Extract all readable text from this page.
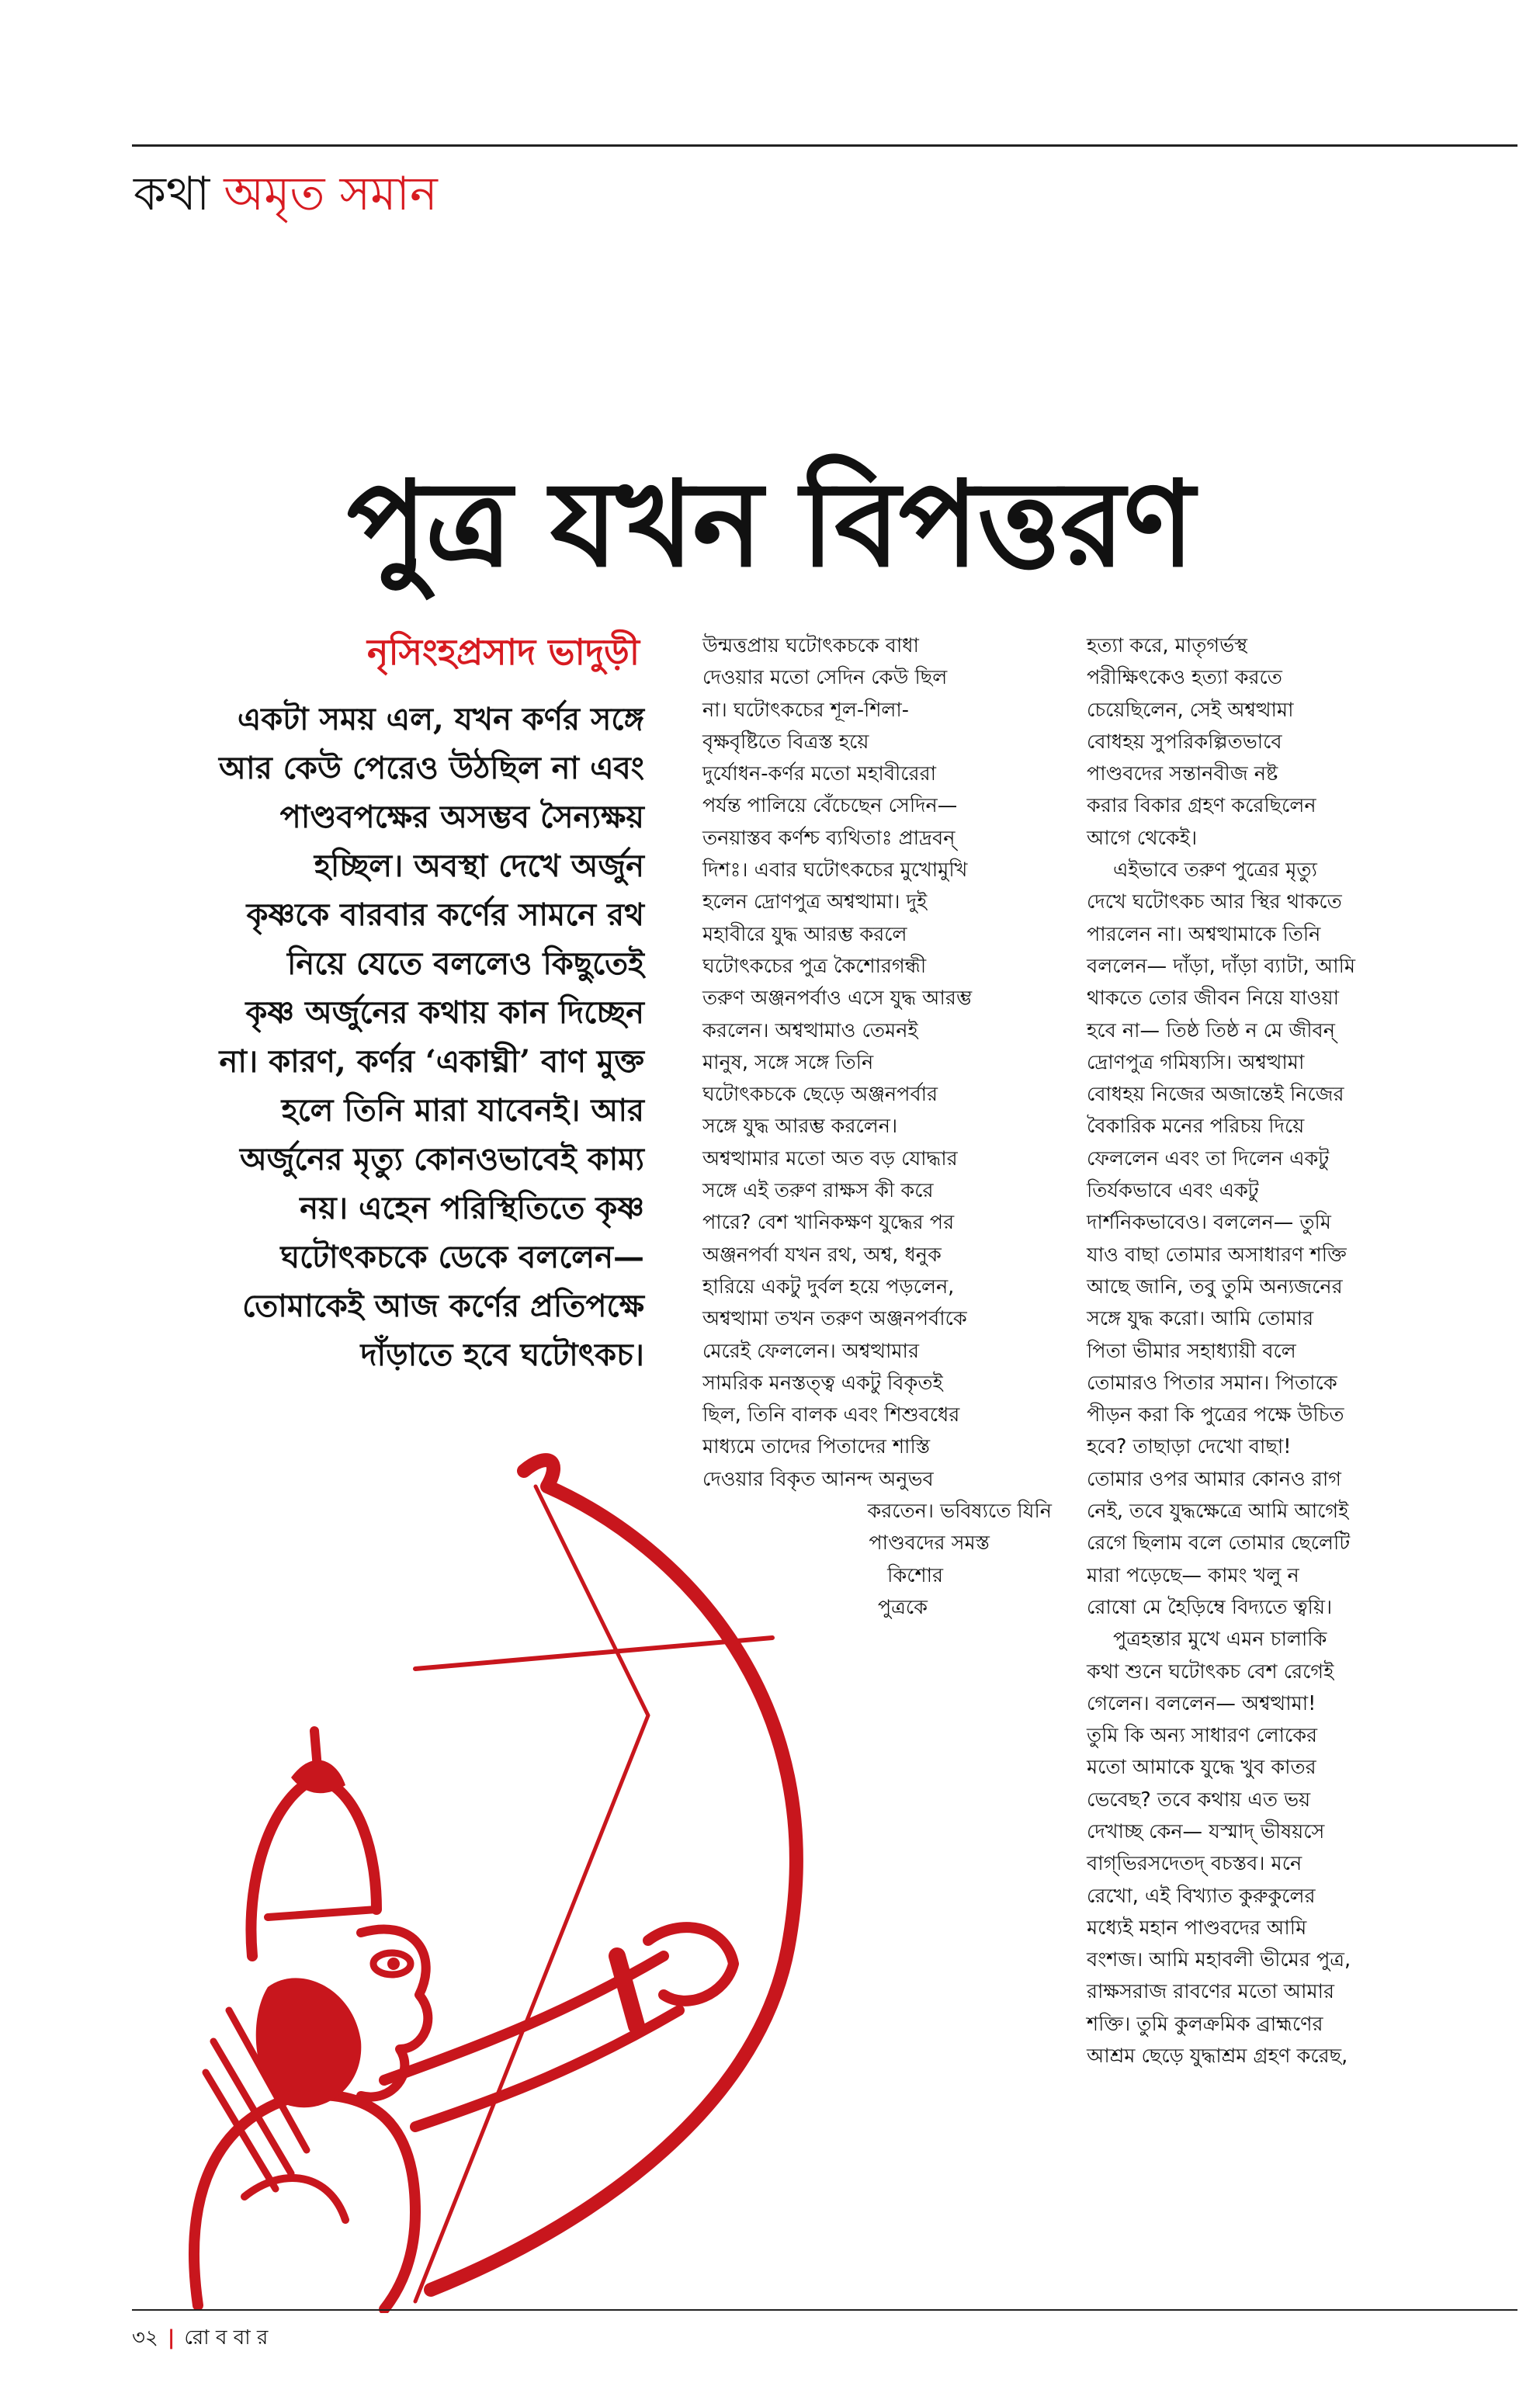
কথা অমৃত সমান
পুত্র যখন বিপত্তরণ
নৃসিংহপ্রসাদ ভাদুড়ী
একটা সময় এল, যখন কর্ণর সঙ্গে
আর কেউ পেরেও উঠছিল না এবং
পাণ্ডবপক্ষের অসম্ভব সৈন্যক্ষয়
হচ্ছিল। অবস্থা দেখে অর্জুন
কৃষ্ণকে বারবার কর্ণের সামনে রথ
নিয়ে যেতে বললেও কিছুতেই
কৃষ্ণ অর্জুনের কথায় কান দিচ্ছেন
না। কারণ, কর্ণর ‘একাঘ্নী’ বাণ মুক্ত
হলে তিনি মারা যাবেনই। আর
অর্জুনের মৃত্যু কোনওভাবেই কাম্য
নয়। এহেন পরিস্থিতিতে কৃষ্ণ
ঘটোৎকচকে ডেকে বললেন—
তোমাকেই আজ কর্ণের প্রতিপক্ষে
দাঁড়াতে হবে ঘটোৎকচ।
উন্মত্তপ্রায় ঘটোৎকচকে বাধা
দেওয়ার মতো সেদিন কেউ ছিল
না। ঘটোৎকচের শূল-শিলা-
বৃক্ষবৃষ্টিতে বিত্রস্ত হয়ে
দুর্যোধন-কর্ণর মতো মহাবীরেরা
পর্যন্ত পালিয়ে বেঁচেছেন সেদিন—
তনয়াস্তব কর্ণশ্চ ব্যথিতাঃ প্রাদ্রবন্‌
দিশঃ। এবার ঘটোৎকচের মুখোমুখি
হলেন দ্রোণপুত্র অশ্বত্থামা। দুই
মহাবীরে যুদ্ধ আরম্ভ করলে
ঘটোৎকচের পুত্র কৈশোরগন্ধী
তরুণ অঞ্জনপর্বাও এসে যুদ্ধ আরম্ভ
করলেন। অশ্বত্থামাও তেমনই
মানুষ, সঙ্গে সঙ্গে তিনি
ঘটোৎকচকে ছেড়ে অঞ্জনপর্বার
সঙ্গে যুদ্ধ আরম্ভ করলেন।
অশ্বত্থামার মতো অত বড় যোদ্ধার
সঙ্গে এই তরুণ রাক্ষস কী করে
পারে? বেশ খানিকক্ষণ যুদ্ধের পর
অঞ্জনপর্বা যখন রথ, অশ্ব, ধনুক
হারিয়ে একটু দুর্বল হয়ে পড়লেন,
অশ্বত্থামা তখন তরুণ অঞ্জনপর্বাকে
মেরেই ফেললেন। অশ্বত্থামার
সামরিক মনস্তত্ত্ব একটু বিকৃতই
ছিল, তিনি বালক এবং শিশুবধের
মাধ্যমে তাদের পিতাদের শাস্তি
দেওয়ার বিকৃত আনন্দ অনুভব
করতেন। ভবিষ্যতে যিনি
পাণ্ডবদের সমস্ত
কিশোর
পুত্রকে
হত্যা করে, মাতৃগর্ভস্থ
পরীক্ষিৎকেও হত্যা করতে
চেয়েছিলেন, সেই অশ্বত্থামা
বোধহয় সুপরিকল্পিতভাবে
পাণ্ডবদের সন্তানবীজ নষ্ট
করার বিকার গ্রহণ করেছিলেন
আগে থেকেই।
এইভাবে তরুণ পুত্রের মৃত্যু
দেখে ঘটোৎকচ আর স্থির থাকতে
পারলেন না। অশ্বত্থামাকে তিনি
বললেন— দাঁড়া, দাঁড়া ব্যাটা, আমি
থাকতে তোর জীবন নিয়ে যাওয়া
হবে না— তিষ্ঠ তিষ্ঠ ন মে জীবন্‌
দ্রোণপুত্র গমিষ্যসি। অশ্বত্থামা
বোধহয় নিজের অজান্তেই নিজের
বৈকারিক মনের পরিচয় দিয়ে
ফেললেন এবং তা দিলেন একটু
তির্যকভাবে এবং একটু
দার্শনিকভাবেও। বললেন— তুমি
যাও বাছা তোমার অসাধারণ শক্তি
আছে জানি, তবু তুমি অন্যজনের
সঙ্গে যুদ্ধ করো। আমি তোমার
পিতা ভীমার সহাধ্যায়ী বলে
তোমারও পিতার সমান। পিতাকে
পীড়ন করা কি পুত্রের পক্ষে উচিত
হবে? তাছাড়া দেখো বাছা!
তোমার ওপর আমার কোনও রাগ
নেই, তবে যুদ্ধক্ষেত্রে আমি আগেই
রেগে ছিলাম বলে তোমার ছেলেটি
মারা পড়েছে— কামং খলু ন
রোষো মে হৈড়িম্বে বিদ্যতে ত্বয়ি।
পুত্রহন্তার মুখে এমন চালাকি
কথা শুনে ঘটোৎকচ বেশ রেগেই
গেলেন। বললেন— অশ্বত্থামা!
তুমি কি অন্য সাধারণ লোকের
মতো আমাকে যুদ্ধে খুব কাতর
ভেবেছ? তবে কথায় এত ভয়
দেখাচ্ছ কেন— যস্মাদ্‌ ভীষয়সে
বাগ্‌ভিরসদেতদ্‌ বচস্তব। মনে
রেখো, এই বিখ্যাত কুরুকুলের
মধ্যেই মহান পাণ্ডবদের আমি
বংশজ। আমি মহাবলী ভীমের পুত্র,
রাক্ষসরাজ রাবণের মতো আমার
শক্তি। তুমি কুলক্রমিক ব্রাহ্মণের
আশ্রম ছেড়ে যুদ্ধাশ্রম গ্রহণ করেছ,
৩২ | রো ব বা র
